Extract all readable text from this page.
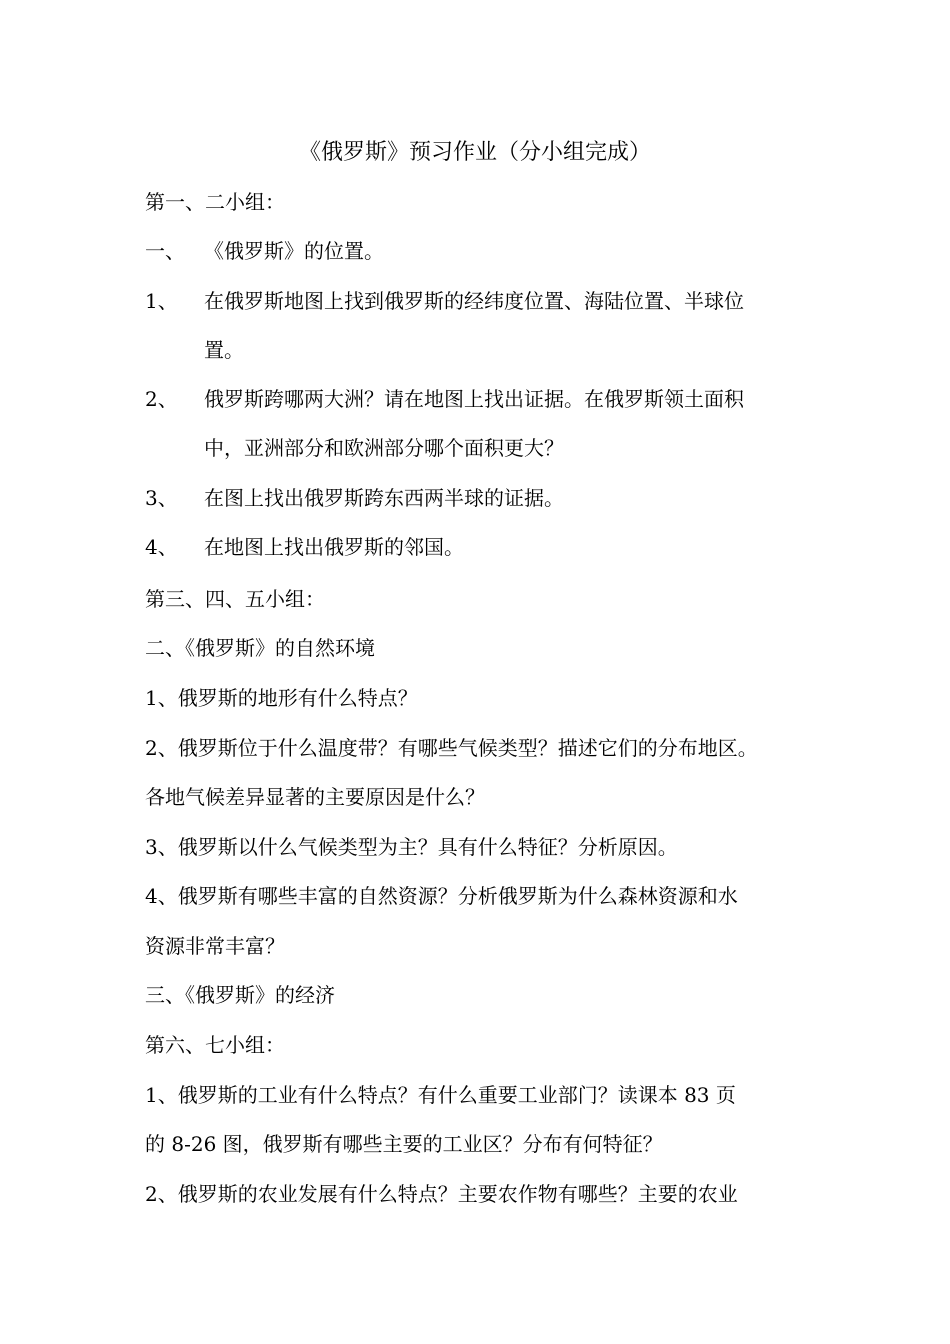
《俄罗斯》预习作业（分小组完成）
第一、二小组：
一、 《俄罗斯》的位置。
1、 在俄罗斯地图上找到俄罗斯的经纬度位置、海陆位置、半球位
置。
2、 俄罗斯跨哪两大洲？请在地图上找出证据。在俄罗斯领土面积
中，亚洲部分和欧洲部分哪个面积更大？
3、 在图上找出俄罗斯跨东西两半球的证据。
4、 在地图上找出俄罗斯的邻国。
第三、四、五小组：
二、《俄罗斯》的自然环境
1、俄罗斯的地形有什么特点？
2、俄罗斯位于什么温度带？有哪些气候类型？描述它们的分布地区。
各地气候差异显著的主要原因是什么？
3、俄罗斯以什么气候类型为主？具有什么特征？分析原因。
4、俄罗斯有哪些丰富的自然资源？分析俄罗斯为什么森林资源和水
资源非常丰富？
三、《俄罗斯》的经济
第六、七小组：
1、俄罗斯的工业有什么特点？有什么重要工业部门？读课本 83 页
的 8-26 图，俄罗斯有哪些主要的工业区？分布有何特征？
2、俄罗斯的农业发展有什么特点？主要农作物有哪些？主要的农业
